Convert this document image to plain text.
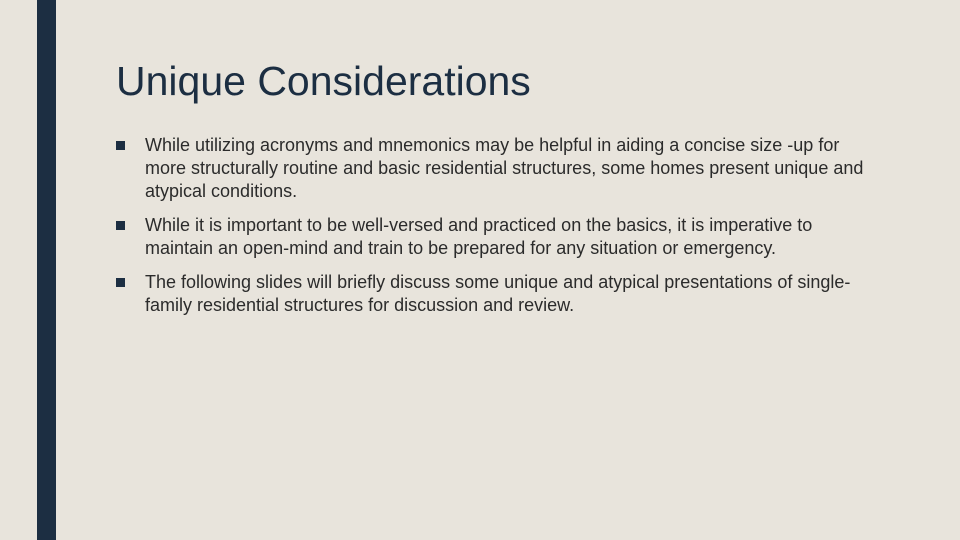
Unique Considerations
While utilizing acronyms and mnemonics may be helpful in aiding a concise size -up for more structurally routine and basic residential structures, some homes present unique and atypical conditions.
While it is important to be well-versed and practiced on the basics, it is imperative to maintain an open-mind and train to be prepared for any situation or emergency.
The following slides will briefly discuss some unique and atypical presentations of single-family residential structures for discussion and review.
